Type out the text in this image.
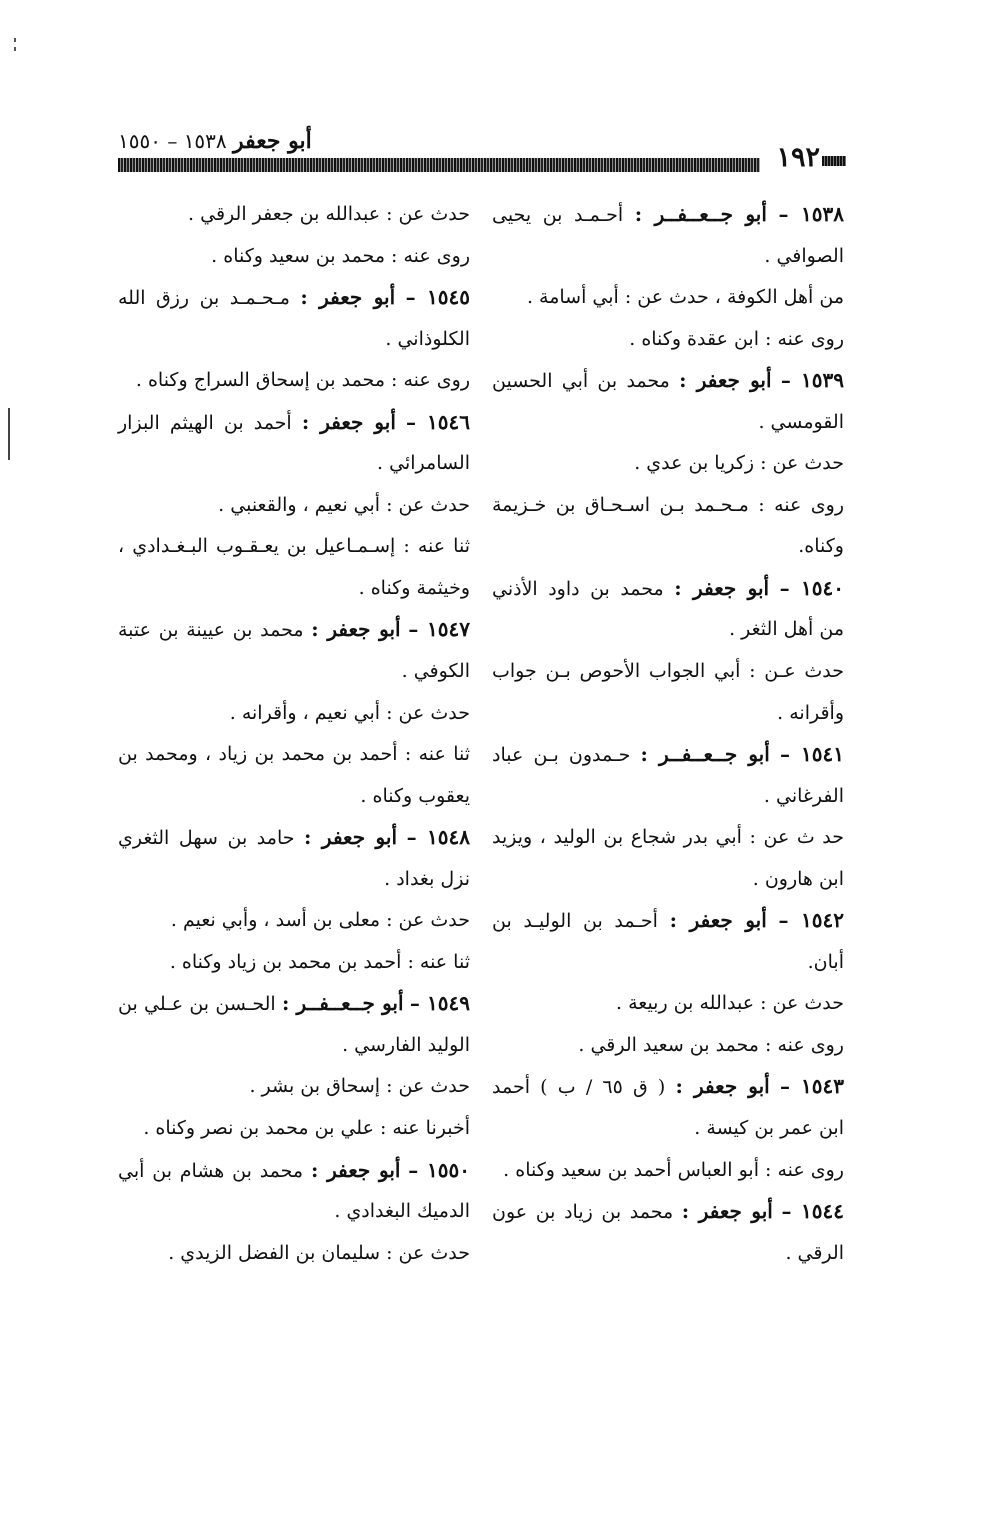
١٩٢
أبو جعفر ١٥٣٨ – ١٥٥٠
١٥٣٨ – أبو جــعــفــر : أحـمـد بن يحيى
الصوافي .
من أهل الكوفة ، حدث عن : أبي أسامة .
روى عنه : ابن عقدة وكناه .
١٥٣٩ – أبو جعفر : محمد بن أبي الحسين
القومسي .
حدث عن : زكريا بن عدي .
روى عنه : مـحـمد بـن اسـحـاق بن خـزيمة
وكناه.
١٥٤٠ – أبو جعفر : محمد بن داود الأذني
من أهل الثغر .
حدث عـن : أبي الجواب الأحوص بـن جواب
وأقرانه .
١٥٤١ – أبو جــعــفــر : حـمدون بـن عباد
الفرغاني .
حد ث عن : أبي بدر شجاع بن الوليد ، ويزيد
ابن هارون .
١٥٤٢ – أبو جعفر : أحـمد بن الوليـد بن
أبان.
حدث عن : عبدالله بن ربيعة .
روى عنه : محمد بن سعيد الرقي .
١٥٤٣ – أبو جعفر : ( ق ٦٥ / ب ) أحمد
ابن عمر بن كيسة .
روى عنه : أبو العباس أحمد بن سعيد وكناه .
١٥٤٤ – أبو جعفر : محمد بن زياد بن عون
الرقي .
حدث عن : عبدالله بن جعفر الرقي .
روى عنه : محمد بن سعيد وكناه .
١٥٤٥ – أبو جعفر : مـحـمـد بن رزق الله
الكلوذاني .
روى عنه : محمد بن إسحاق السراج وكناه .
١٥٤٦ – أبو جعفر : أحمد بن الهيثم البزار
السامرائي .
حدث عن : أبي نعيم ، والقعنبي .
ثنا عنه : إسـمـاعيل بن يعـقـوب البـغـدادي ،
وخيثمة وكناه .
١٥٤٧ – أبو جعفر : محمد بن عيينة بن عتبة
الكوفي .
حدث عن : أبي نعيم ، وأقرانه .
ثنا عنه : أحمد بن محمد بن زياد ، ومحمد بن
يعقوب وكناه .
١٥٤٨ – أبو جعفر : حامد بن سهل الثغري
نزل بغداد .
حدث عن : معلى بن أسد ، وأبي نعيم .
ثنا عنه : أحمد بن محمد بن زياد وكناه .
١٥٤٩ – أبو جــعــفــر : الحـسن بن عـلي بن
الوليد الفارسي .
حدث عن : إسحاق بن بشر .
أخبرنا عنه : علي بن محمد بن نصر وكناه .
١٥٥٠ – أبو جعفر : محمد بن هشام بن أبي
الدميك البغدادي .
حدث عن : سليمان بن الفضل الزيدي .
